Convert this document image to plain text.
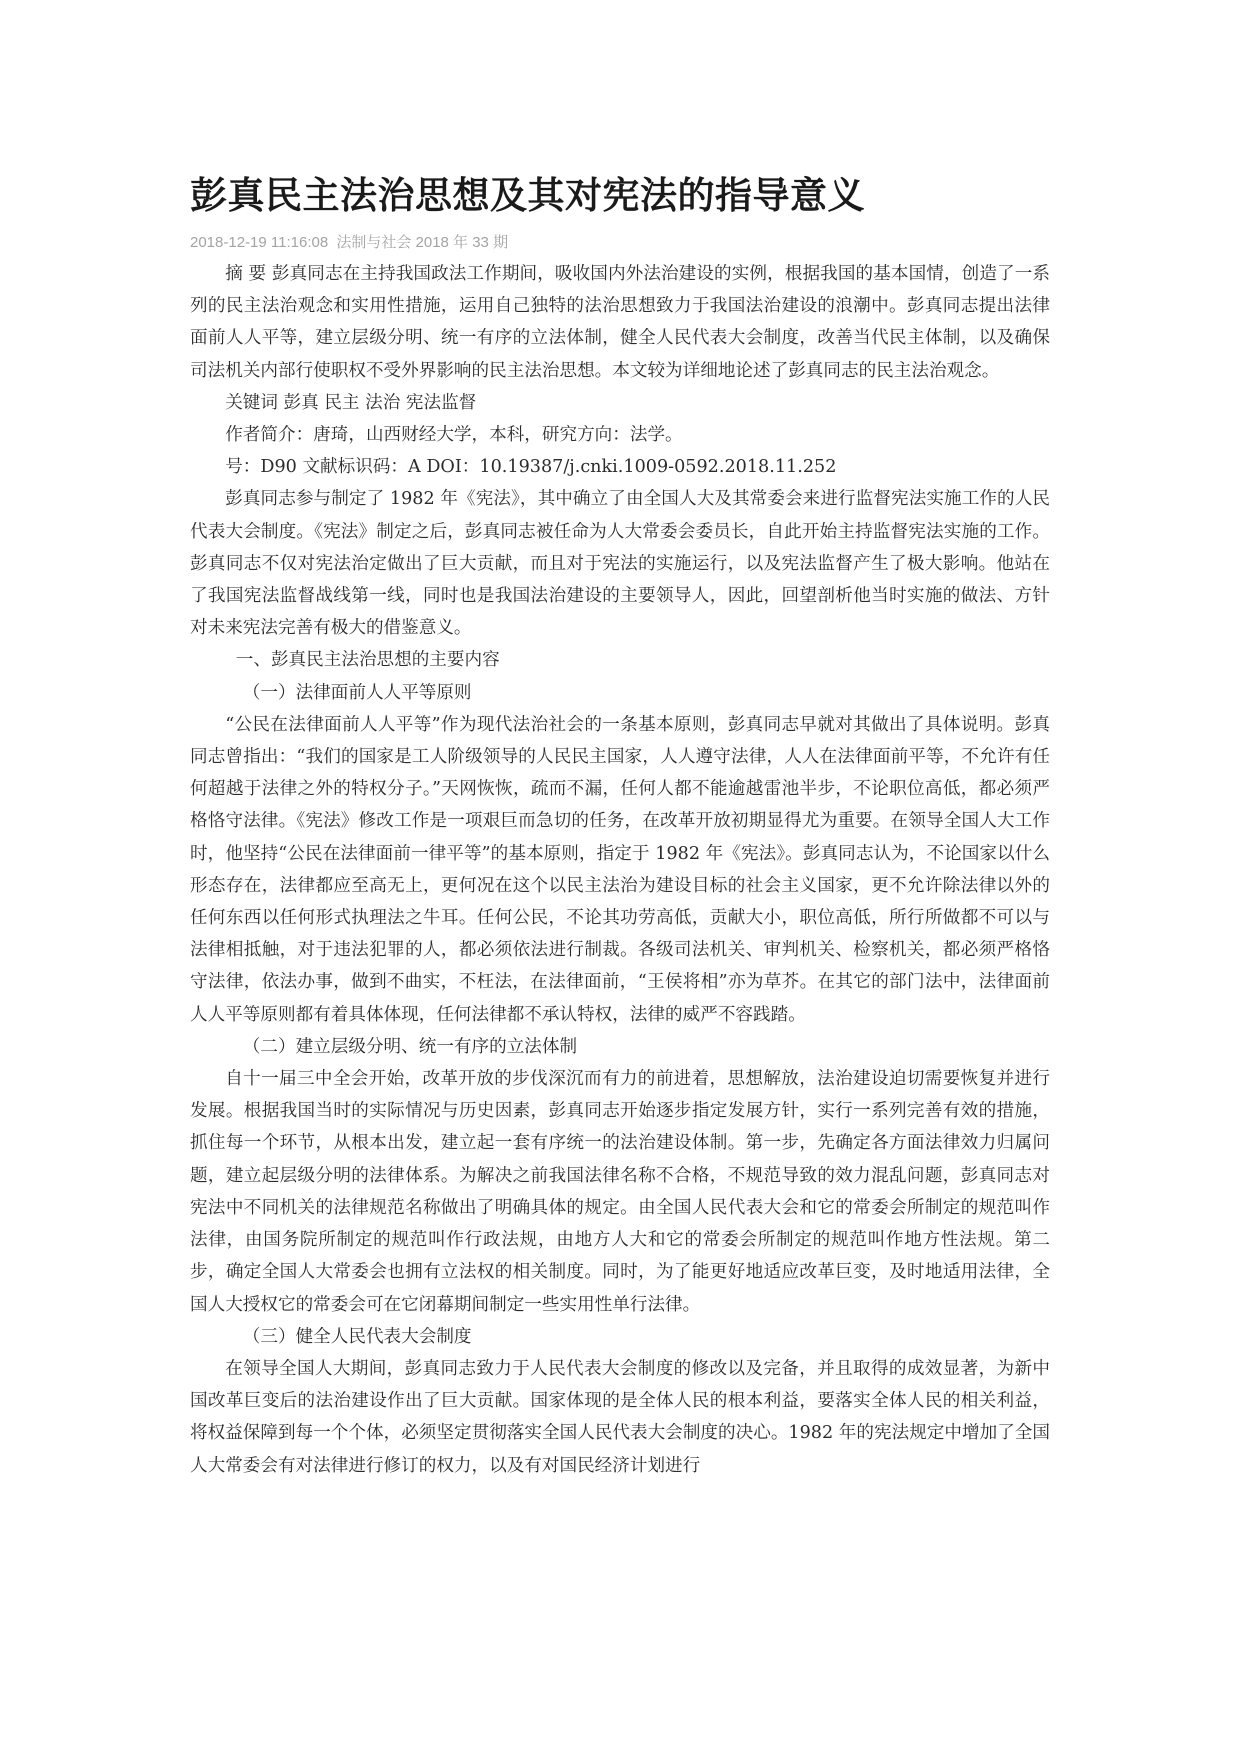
彭真民主法治思想及其对宪法的指导意义
2018-12-19 11:16:08 法制与社会 2018 年 33 期

摘 要 彭真同志在主持我国政法工作期间，吸收国内外法治建设的实例，根据我国的基本国情，创造了一系列的民主法治观念和实用性措施，运用自己独特的法治思想致力于我国法治建设的浪潮中。彭真同志提出法律面前人人平等，建立层级分明、统一有序的立法体制，健全人民代表大会制度，改善当代民主体制，以及确保司法机关内部行使职权不受外界影响的民主法治思想。本文较为详细地论述了彭真同志的民主法治观念。

关键词 彭真 民主 法治 宪法监督

作者简介：唐琦，山西财经大学，本科，研究方向：法学。

号：D90 文献标识码：A DOI：10.19387/j.cnki.1009-0592.2018.11.252

彭真同志参与制定了 1982 年《宪法》，其中确立了由全国人大及其常委会来进行监督宪法实施工作的人民代表大会制度。《宪法》制定之后，彭真同志被任命为人大常委会委员长，自此开始主持监督宪法实施的工作。彭真同志不仅对宪法治定做出了巨大贡献，而且对于宪法的实施运行，以及宪法监督产生了极大影响。他站在了我国宪法监督战线第一线，同时也是我国法治建设的主要领导人，因此，回望剖析他当时实施的做法、方针对未来宪法完善有极大的借鉴意义。

一、彭真民主法治思想的主要内容

（一）法律面前人人平等原则

“公民在法律面前人人平等”作为现代法治社会的一条基本原则，彭真同志早就对其做出了具体说明。彭真同志曾指出：“我们的国家是工人阶级领导的人民民主国家，人人遵守法律，人人在法律面前平等，不允许有任何超越于法律之外的特权分子。”天网恢恢，疏而不漏，任何人都不能逾越雷池半步，不论职位高低，都必须严格恪守法律。《宪法》修改工作是一项艰巨而急切的任务，在改革开放初期显得尤为重要。在领导全国人大工作时，他坚持“公民在法律面前一律平等”的基本原则，指定于 1982 年《宪法》。彭真同志认为，不论国家以什么形态存在，法律都应至高无上，更何况在这个以民主法治为建设目标的社会主义国家，更不允许除法律以外的任何东西以任何形式执理法之牛耳。任何公民，不论其功劳高低，贡献大小，职位高低，所行所做都不可以与法律相抵触，对于违法犯罪的人，都必须依法进行制裁。各级司法机关、审判机关、检察机关，都必须严格恪守法律，依法办事，做到不曲实，不枉法，在法律面前，“王侯将相”亦为草芥。在其它的部门法中，法律面前人人平等原则都有着具体体现，任何法律都不承认特权，法律的威严不容践踏。

（二）建立层级分明、统一有序的立法体制

自十一届三中全会开始，改革开放的步伐深沉而有力的前进着，思想解放，法治建设迫切需要恢复并进行发展。根据我国当时的实际情况与历史因素，彭真同志开始逐步指定发展方针，实行一系列完善有效的措施，抓住每一个环节，从根本出发，建立起一套有序统一的法治建设体制。第一步，先确定各方面法律效力归属问题，建立起层级分明的法律体系。为解决之前我国法律名称不合格，不规范导致的效力混乱问题，彭真同志对宪法中不同机关的法律规范名称做出了明确具体的规定。由全国人民代表大会和它的常委会所制定的规范叫作法律，由国务院所制定的规范叫作行政法规，由地方人大和它的常委会所制定的规范叫作地方性法规。第二步，确定全国人大常委会也拥有立法权的相关制度。同时，为了能更好地适应改革巨变，及时地适用法律，全国人大授权它的常委会可在它闭幕期间制定一些实用性单行法律。

（三）健全人民代表大会制度

在领导全国人大期间，彭真同志致力于人民代表大会制度的修改以及完备，并且取得的成效显著，为新中国改革巨变后的法治建设作出了巨大贡献。国家体现的是全体人民的根本利益，要落实全体人民的相关利益，将权益保障到每一个个体，必须坚定贯彻落实全国人民代表大会制度的决心。1982 年的宪法规定中增加了全国人大常委会有对法律进行修订的权力，以及有对国民经济计划进行
